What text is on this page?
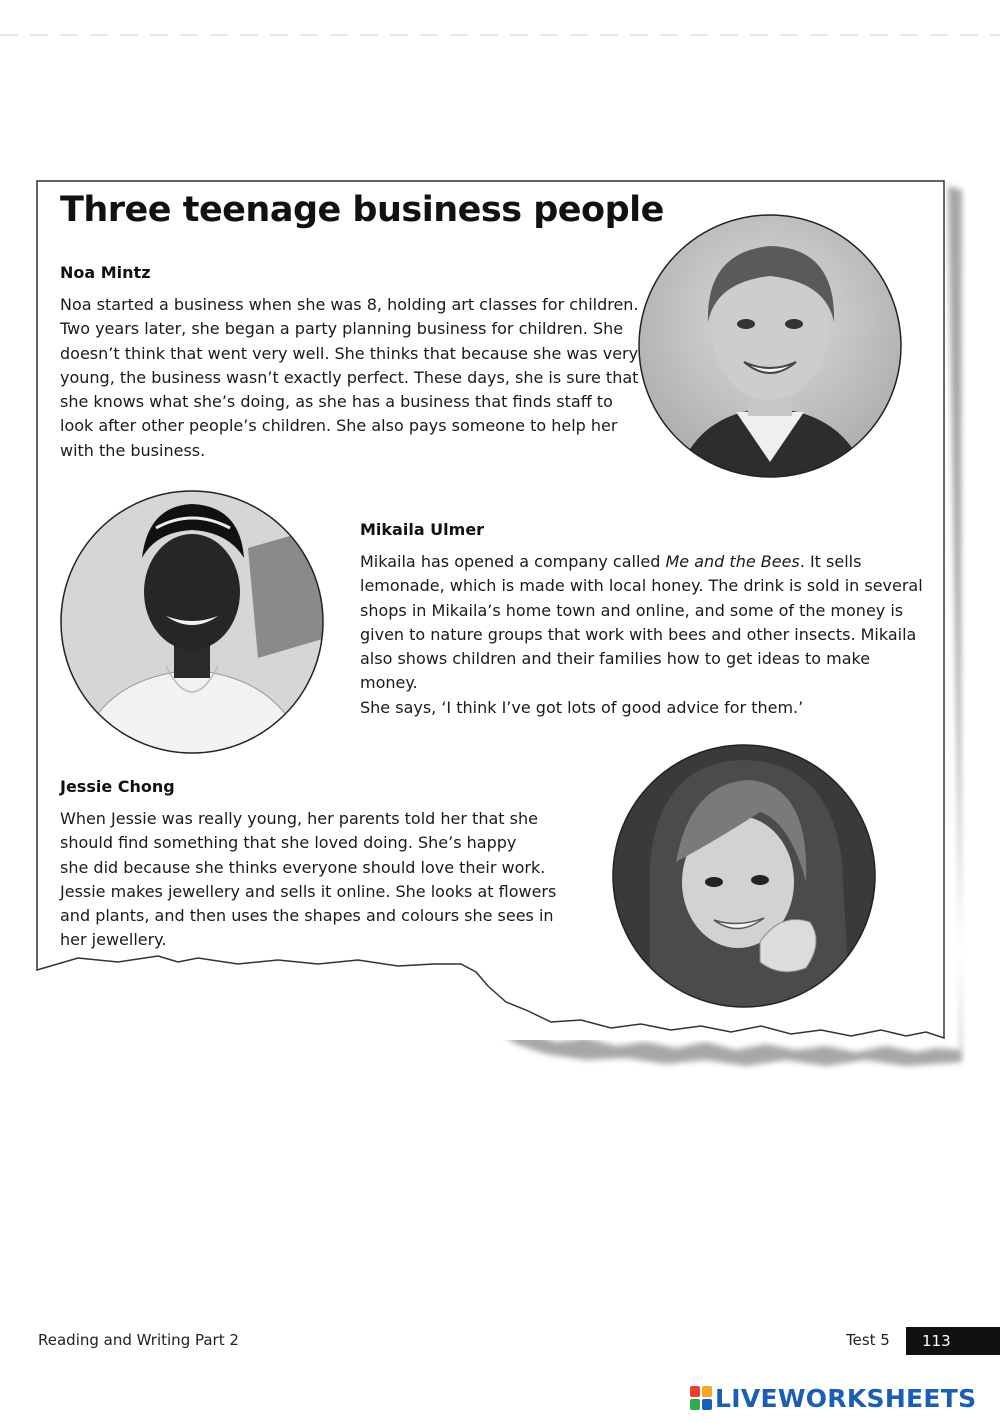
Three teenage business people
Noa Mintz
Noa started a business when she was 8, holding art classes for children.
Two years later, she began a party planning business for children. She
doesn’t think that went very well. She thinks that because she was very
young, the business wasn’t exactly perfect. These days, she is sure that
she knows what she’s doing, as she has a business that finds staff to
look after other people’s children. She also pays someone to help her
with the business.
Mikaila Ulmer
Mikaila has opened a company called Me and the Bees. It sells
lemonade, which is made with local honey. The drink is sold in several
shops in Mikaila’s home town and online, and some of the money is
given to nature groups that work with bees and other insects. Mikaila
also shows children and their families how to get ideas to make money.
She says, ‘I think I’ve got lots of good advice for them.’
Jessie Chong
When Jessie was really young, her parents told her that she
should find something that she loved doing. She’s happy
she did because she thinks everyone should love their work.
Jessie makes jewellery and sells it online. She looks at flowers
and plants, and then uses the shapes and colours she sees in
her jewellery.
Reading and Writing Part 2	Test 5	113
LIVEWORKSHEETS
